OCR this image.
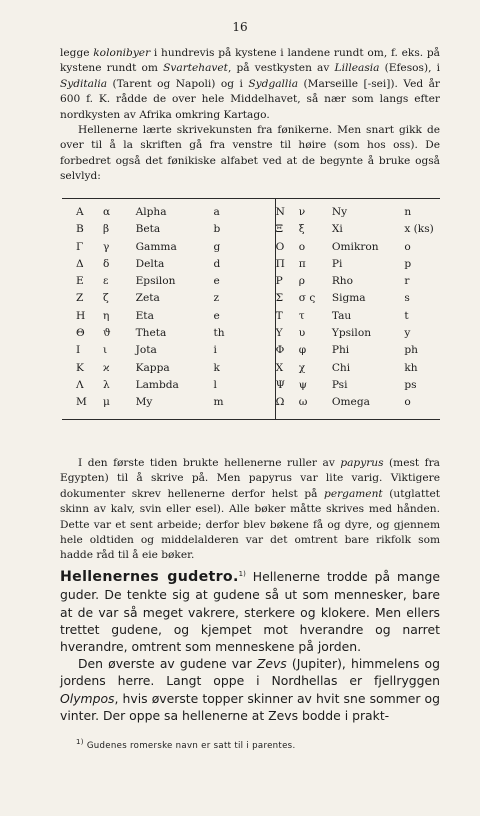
16
legge kolonibyer i hundrevis på kystene i landene rundt om, f. eks. på kystene rundt om Svartehavet, på vestkysten av Lilleasia (Efesos), i Syditalia (Tarent og Napoli) og i Sydgallia (Marseille [-sei]). Ved år 600 f. K. rådde de over hele Middelhavet, så nær som langs efter nordkysten av Afrika omkring Kartago.
Hellenerne lærte skrivekunsten fra fønikerne. Men snart gikk de over til å la skriften gå fra venstre til høire (som hos oss). De forbedret også det fønikiske alfabet ved at de begynte å bruke også selvlyd:
Α	α	Alpha	a	Ν	ν	Ny	n
Β	β	Beta	b	Ξ	ξ	Xi	x (ks)
Γ	γ	Gamma	g	Ο	ο	Omikron	o
Δ	δ	Delta	d	Π	π	Pi	p
Ε	ε	Epsilon	e	Ρ	ρ	Rho	r
Ζ	ζ	Zeta	z	Σ	σ ς	Sigma	s
Η	η	Eta	e	Τ	τ	Tau	t
Θ	ϑ	Theta	th	Υ	υ	Ypsilon	y
Ι	ι	Jota	i	Φ	φ	Phi	ph
Κ	ϰ	Kappa	k	Χ	χ	Chi	kh
Λ	λ	Lambda	l	Ψ	ψ	Psi	ps
Μ	μ	My	m	Ω	ω	Omega	o
I den første tiden brukte hellenerne ruller av papyrus (mest fra Egypten) til å skrive på. Men papyrus var lite varig. Viktigere dokumenter skrev hellenerne derfor helst på pergament (utglattet skinn av kalv, svin eller esel). Alle bøker måtte skrives med hånden. Dette var et sent arbeide; derfor blev bøkene få og dyre, og gjennem hele oldtiden og middelalderen var det omtrent bare rikfolk som hadde råd til å eie bøker.
Hellenernes gudetro.$^{1)}$ Hellenerne trodde på mange guder. De tenkte sig at gudene så ut som mennesker, bare at de var så meget vakrere, sterkere og klokere. Men ellers trettet gudene, og kjempet mot hverandre og narret hverandre, omtrent som menneskene på jorden.
Den øverste av gudene var Zevs (Jupiter), himmelens og jordens herre. Langt oppe i Nordhellas er fjellryggen Olympos, hvis øverste topper skinner av hvit sne sommer og vinter. Der oppe sa hellenerne at Zevs bodde i prakt-
$^{1)}$ Gudenes romerske navn er satt til i parentes.
